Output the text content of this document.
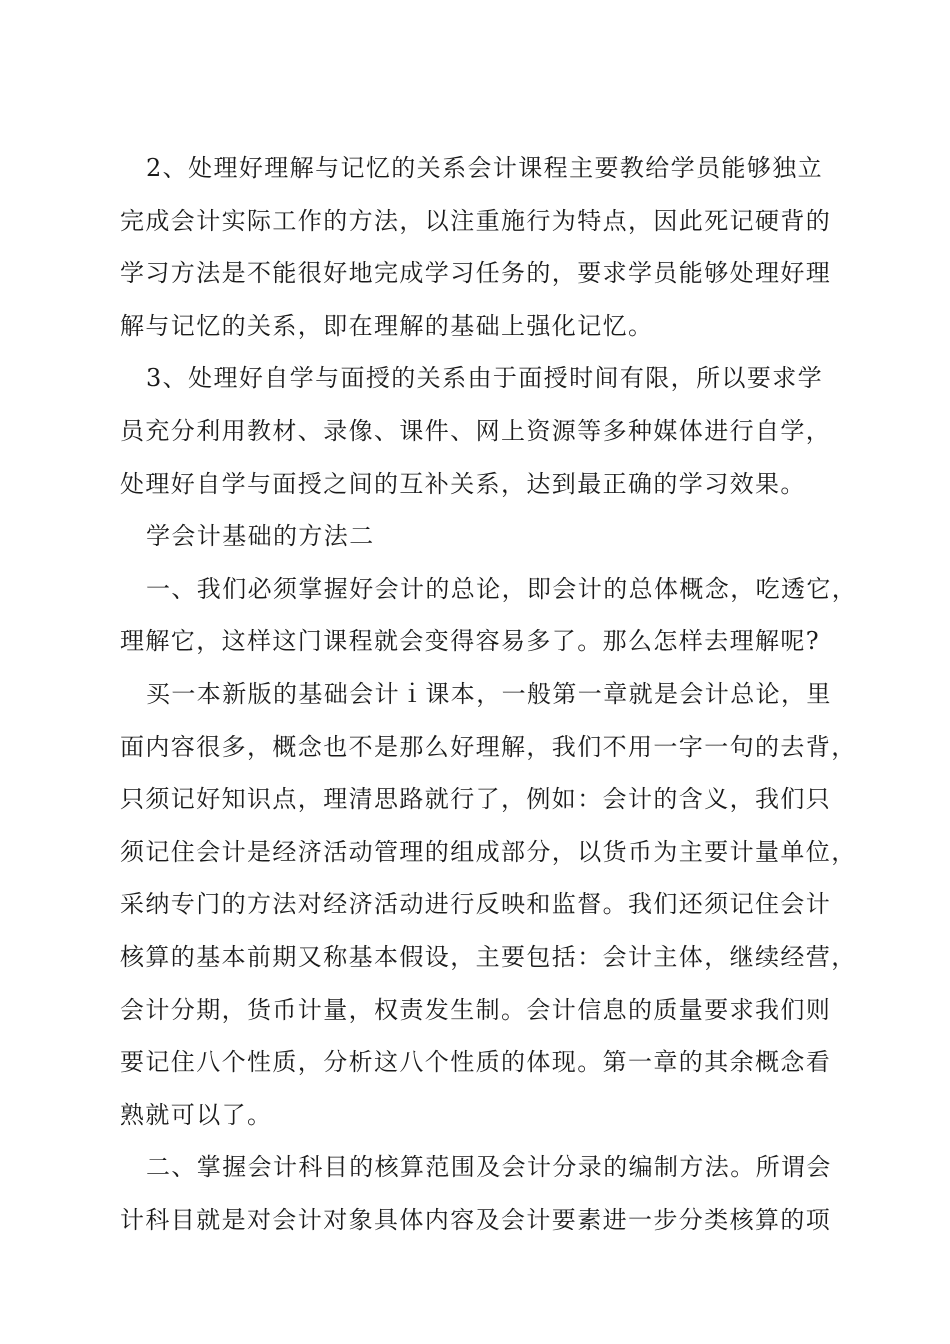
2、处理好理解与记忆的关系会计课程主要教给学员能够独立
完成会计实际工作的方法，以注重施行为特点，因此死记硬背的
学习方法是不能很好地完成学习任务的，要求学员能够处理好理
解与记忆的关系，即在理解的基础上强化记忆。
3、处理好自学与面授的关系由于面授时间有限，所以要求学
员充分利用教材、录像、课件、网上资源等多种媒体进行自学，
处理好自学与面授之间的互补关系，达到最正确的学习效果。
学会计基础的方法二
一、我们必须掌握好会计的总论，即会计的总体概念，吃透它，
理解它，这样这门课程就会变得容易多了。那么怎样去理解呢?
买一本新版的基础会计ｉ课本，一般第一章就是会计总论，里
面内容很多，概念也不是那么好理解，我们不用一字一句的去背，
只须记好知识点，理清思路就行了，例如：会计的含义，我们只
须记住会计是经济活动管理的组成部分，以货币为主要计量单位，
采纳专门的方法对经济活动进行反映和监督。我们还须记住会计
核算的基本前期又称基本假设，主要包括：会计主体，继续经营，
会计分期，货币计量，权责发生制。会计信息的质量要求我们则
要记住八个性质，分析这八个性质的体现。第一章的其余概念看
熟就可以了。
二、掌握会计科目的核算范围及会计分录的编制方法。所谓会
计科目就是对会计对象具体内容及会计要素进一步分类核算的项
